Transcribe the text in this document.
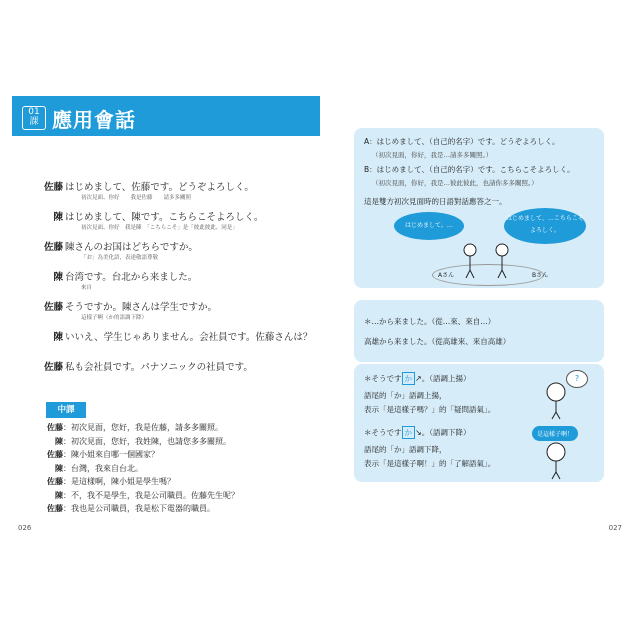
01
課 應用會話
佐藤 はじめまして、佐藤です。どうぞよろしく。
初次見面、你好　　我是佐藤　　請多多關照
陳 はじめまして、陳です。こちらこそよろしく。
初次見面、你好　我是陳　「こちらこそ」是「彼此彼此、同是」
佐藤 陳さんのお国はどちらですか。
「お」為美化語，表達敬語尊敬
陳 台湾です。台北から来ました。
來自
佐藤 そうですか。陳さんは学生ですか。
這樣子啊（か的語調下降）
陳 いいえ、学生じゃありません。会社員です。佐藤さんは？
佐藤 私も会社員です。パナソニックの社員です。
中譯
佐藤：初次見面，您好，我是佐藤，請多多關照。
陳：初次見面，您好，我姓陳，也請您多多關照。
佐藤：陳小姐來自哪一個國家？
陳：台灣，我來自台北。
佐藤：是這樣啊，陳小姐是學生嗎？
陳：不，我不是學生，我是公司職員。佐藤先生呢？
佐藤：我也是公司職員，我是松下電器的職員。
026
A：はじめまして、（自己的名字）です。どうぞよろしく。
（初次見面，你好，我是…請多多關照。）
B：はじめまして、（自己的名字）です。こちらこそよろしく。
（初次見面，你好，我是…彼此彼此，也請你多多關照。）
這是雙方初次見面時的日語對話應答之一。
はじめまして。…
はじめまして、…こちらこそよろしく。
Aさん	Bさん
＊…から来ました。（從…來、來自…）
高雄から来ました。（從高雄來、來自高雄）
＊そうです か ↗。（語調上揚）
語尾的「か」語調上揚，
表示「是這樣子嗎？」的「疑問語氣」。
＊そうです か ↘。（語調下降）
語尾的「か」語調下降，
表示「是這樣子啊！」的「了解語氣」。
?
是這樣子啊！
027
